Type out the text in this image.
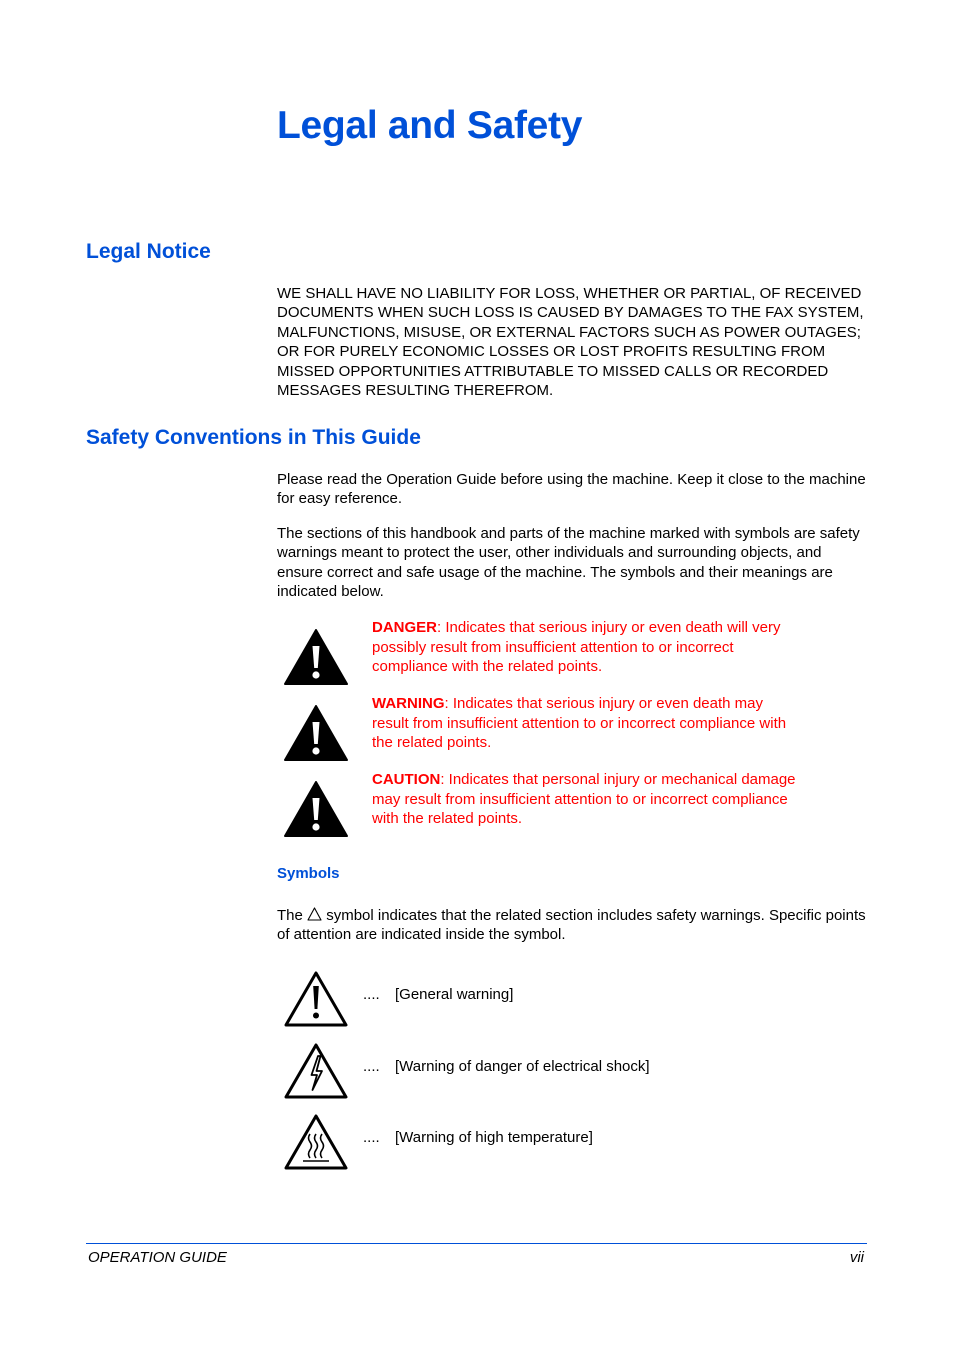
Legal and Safety
Legal Notice
WE SHALL HAVE NO LIABILITY FOR LOSS, WHETHER OR PARTIAL, OF RECEIVED DOCUMENTS WHEN SUCH LOSS IS CAUSED BY DAMAGES TO THE FAX SYSTEM, MALFUNCTIONS, MISUSE, OR EXTERNAL FACTORS SUCH AS POWER OUTAGES; OR FOR PURELY ECONOMIC LOSSES OR LOST PROFITS RESULTING FROM MISSED OPPORTUNITIES ATTRIBUTABLE TO MISSED CALLS OR RECORDED MESSAGES RESULTING THEREFROM.
Safety Conventions in This Guide
Please read the Operation Guide before using the machine. Keep it close to the machine for easy reference.
The sections of this handbook and parts of the machine marked with symbols are safety warnings meant to protect the user, other individuals and surrounding objects, and ensure correct and safe usage of the machine. The symbols and their meanings are indicated below.
DANGER: Indicates that serious injury or even death will very possibly result from insufficient attention to or incorrect compliance with the related points.
WARNING: Indicates that serious injury or even death may result from insufficient attention to or incorrect compliance with the related points.
CAUTION: Indicates that personal injury or mechanical damage may result from insufficient attention to or incorrect compliance with the related points.
Symbols
The symbol indicates that the related section includes safety warnings. Specific points of attention are indicated inside the symbol.
.... [General warning]
.... [Warning of danger of electrical shock]
.... [Warning of high temperature]
OPERATION GUIDE	vii
